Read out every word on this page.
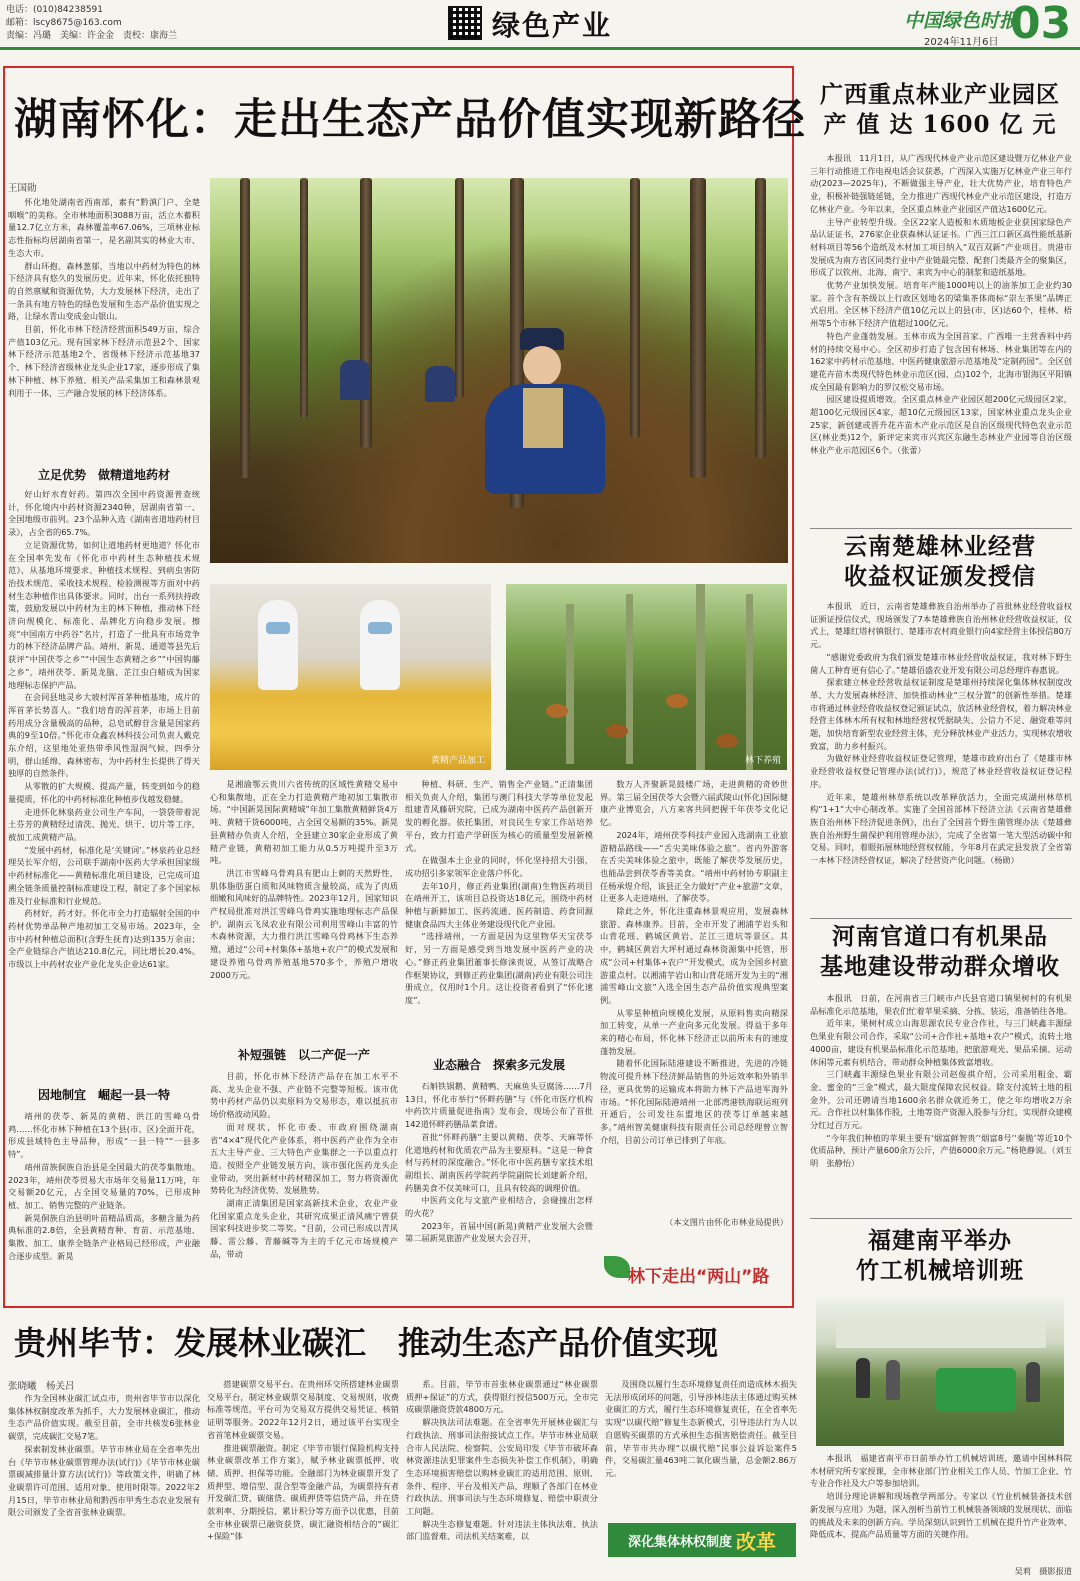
电话：(010)84238591
邮箱：lscy8675@163.com
责编：冯璐　美编：许金金　责校：康海兰	绿色产业	中国绿色时报
2024年11月6日 03
湖南怀化：走出生态产品价值实现新路径
王国勋

怀化地处湖南省西南部，素有“黔滇门户、全楚咽喉”的美称。全市林地面积3088万亩，活立木蓄积量12.7亿立方米，森林覆盖率67.06%，三项林业标志性指标均居湖南省第一，是名副其实的林业大市、生态大市。

群山环抱、森林葱郁，当地以中药材为特色的林下经济具有悠久的发展历史。近年来，怀化依托独特的自然禀赋和资源优势，大力发展林下经济，走出了一条具有地方特色的绿色发展和生态产品价值实现之路，让绿水青山变成金山银山。

目前，怀化市林下经济经营面积549万亩，综合产值103亿元。现有国家林下经济示范县2个、国家林下经济示范基地2个、省级林下经济示范基地37个、林下经济省级林业龙头企业17家，逐步形成了集林下种植、林下养殖、相关产品采集加工和森林景观利用于一体，三产融合发展的林下经济体系。

立足优势　做精道地药材

好山好水育好药。第四次全国中药资源普查统计，怀化境内中药材资源2340种，居湖南省第一、全国地级市前列。23个品种入选《湖南省道地药材目录》，占全省的65.7%。

立足资源优势，如何让道地药材更地道？怀化市在全国率先发布《怀化市中药材生态种植技术规范》，从基地环境要求、种植技术规程、到病虫害防治技术规范、采收技术规程、检验测视等方面对中药材生态种植作出具体要求。同时，出台一系列扶持政策，鼓励发展以中药材为主的林下种植，推动林下经济向规模化、标准化、品牌化方向稳步发展。擦亮“中国南方中药谷”名片，打造了一批具有市场竞争力的林下经济品牌产品。靖州、新晃、通道等县先后获评“中国茯苓之乡”“中国生态黄精之乡”“中国钩藤之乡”，靖州茯苓、新晃龙脑、芷江虫白蜡成为国家地理标志保护产品。

在会同县地灵乡大坡村浑首茅种植基地，成片的浑首茅长势喜人。“我们培育的浑首茅，市场上目前药用成分含量极高的品种，总皂甙醇苷含量是国家药典的9至10倍。”怀化市众鑫农林科技公司负责人戴克东介绍，这里地处亚热带季风性湿润气候，四季分明，群山延绵、森林密布，为中药材生长提供了得天独厚的自然条件。

从零散的扩大规模、提高产量，转变到如今的稳量提质，怀化的中药材标准化种植步伐越发稳健。

走进怀化林泉药业公司生产车间，一袋袋带着泥土芬芳的黄精经过清洗、抛光、烘干、切片等工序，被加工成黄精产品。

“发展中药材，标准化是‘关键词’。”林泉药业总经理吴长军介绍，公司联手湖南中医药大学承担国家级中药材标准化——黄精标准化项目建设，已完成可追溯全链条质量控制标准建设工程，制定了多个国家标准及行业标准和行业规范。

药材好，药才好。怀化市全力打造辐射全国的中药材优势单品种产地初加工交易市场。2023年，全市中药材种植总面积(含野生抚育)达到135万余亩；全产业链综合产值达210.8亿元，同比增长20.4%。市级以上中药材农业产业化龙头企业达61家。

因地制宜　崛起一县一特

靖州的茯苓、新晃的黄精、洪江的雪峰乌骨鸡……怀化市林下种植在13个县(市、区)全面开花，形成县域特色主导品种，形成“一县一特”“一县多特”。

靖州苗族侗族自治县是全国最大的茯苓集散地。2023年，靖州茯苓贸易大市场年交易量11万吨，年交易额20亿元，占全国交易量的70%，已形成种植、加工、销售完整的产业链条。

新晃侗族自治县明叶苗精品质高，多糖含量为药典标准的2.8倍，全县黄精育种、育苗、示范基地、集散、加工、康养全链条产业格局已经形成，产业融合逐步成型。新晃

黄精产品加工	林下养殖

是湘渝鄂云贵川六省传统的区域性黄精交易中心和集散地，正在全力打造黄精产地初加工集散市场。“中国新晃国际黄精城”年加工集散黄精鲜货4万吨、黄精干货6000吨，占全国交易额的35%。新晃县黄精办负责人介绍，全县建立30家企业形成了黄精产业链，黄精初加工能力从0.5万吨提升至3万吨。

洪江市雪峰乌骨鸡具有肥山上刺的天然野性，肌体脂肪蛋白质和风味物质含量较高，成为了肉质细嫩和风味好的品牌特性。2023年12月，国家知识产权局批准对洪江雪峰乌骨鸡实施地理标志产品保护。湖南云飞凤农业有限公司利用雪峰山丰富的竹木森林资源，大力推行洪江雪峰乌骨鸡林下生态养殖，通过“公司+村集体+基地+农户”的模式发展和建设养殖乌骨鸡养殖基地570多个，养殖户增收2000万元。

补短强链　以二产促一产

目前，怀化市林下经济产品存在加工水平不高、龙头企业不强、产业链不完整等短板。该市优势中药材产品仍以卖原料为交易形态，难以抵抗市场价格波动风险。

面对现状，怀化市委、市政府围绕湖南省“4×4”现代化产业体系，将中医药产业作为全市五大主导产业、三大特色产业集群之一予以重点打造。按照全产业链发展方向，该市强化医药龙头企业带动，突出新材中药材精深加工，努力将资源优势转化为经济优势、发展胜势。

湖南正清集团是国家高新技术企业，农业产业化国家重点龙头企业，其研究成果正清风痛宁曾获国家科技进步奖二等奖。“目前，公司已形成以青风藤、雷公藤、青藤碱等为主的千亿元市场规模产品，带动

种植、科研、生产、销售全产业链。”正清集团相关负责人介绍，集团与澳门科技大学等单位发起组建青风藤研究院，已成为湖南中医药产品创新开发的孵化器。依托集团，对良民生专家工作站培养平台，致力打造产学研医为核心的质量型发展新模式。

在做强本土企业的同时，怀化坚持招大引强，成功招引多家领军企业落户怀化。

去年10月，修正药业集团(湖南)生物医药项目在靖州开工，该项目总投资达18亿元，围绕中药材种植与新鲜加工、医药流通、医药制造、药食同源健康食品四大主体业务建设现代化产业园。

“选择靖州，一方面是因为这里物华天宝茯苓好，另一方面是感受到当地发展中医药产业的决心。”修正药业集团董事长修涞贵说，从签订战略合作框架协议，到修正药业集团(湖南)药业有限公司注册成立，仅用时1个月。这让投资者看到了“怀化速度”。

业态融合　探索多元发展

石斛铁锅鹅、黄精鸭、天麻鱼头豆腐汤……7月13日，怀化市举行“怀畔药膳”与《怀化市医疗机构中药饮片质量促进指南》发布会，现场公布了首批142道怀畔药膳品菜食谱。

首批“怀畔药膳”主要以黄精、茯苓、天麻等怀化道地药材和优质农产品为主要原料。“这是一种食材与药材的深度融合。”怀化市中医药膳专家技术组副组长、湖南医药学院药学院副院长刘建新介绍，药膳美食不仅美味可口，且具有较高的调理价值。

中医药文化与文旅产业相结合，会碰撞出怎样的火花？

2023年，首届中国(新晃)黄精产业发展大会暨第二届新晃旅游产业发展大会召开，

数万人齐聚新晃鼓楼广场，走进黄精的奇妙世界。第三届全国茯苓大会暨六届武陵山(怀化)国际健康产业博览会，八方来客共同把握千年茯苓文化记忆。

2024年，靖州茯苓科技产业园入选湖南工业旅游精品路线——“舌尖美味体验之旅”。省内外游客在舌尖美味体验之旅中，既能了解茯苓发展历史，也能品尝到茯苓香等美食。“靖州中药材协专职副主任杨承煜介绍，该县正全力做好“产业+旅游”文章，让更多人走进靖州、了解茯苓。

除此之外，怀化注重森林景观应用，发展森林旅游、森林康养。目前，全市开发了湘浦芋岩头和山背花瑶、鹤城区黄岩、芷江三道坑等景区。其中，鹤城区黄岩大坪村通过森林资源集中托管，形成“公司+村集体+农户”开发模式，成为全国乡村旅游重点村。以湘浦芋岩山和山背花瑶开发为主的“湘浦雪峰山文旅”入选全国生态产品价值实现典型案例。

从零星种植向规模化发展，从原料售卖向精深加工转变，从单一产业向多元化发展。得益于多年来的精心布局，怀化林下经济正以前所未有的速度蓬勃发展。

随着怀化国际陆港建设不断推进，先进的冷链物流可提升林下经济鲜品销售的外运效率和外销半径，更具优势的运输成本将助力林下产品进军海外市场。“怀化国际陆港靖州一北部湾港铁海联运班列开通后，公司发往东盟地区的茯苓订单越来越多。”靖州智美健康科技有限责任公司总经理曾立智介绍，目前公司订单已排到了年底。

（本文图片由怀化市林业局提供）
林下走出“两山”路
广西重点林业产业园区
产 值 达 1600 亿 元

本报讯　11月1日，从广西现代林业产业示范区建设暨万亿林业产业三年行动推进工作电视电话会议获悉，广西深入实施万亿林业产业三年行动(2023—2025年)，不断做强主导产业，壮大优势产业，培育特色产业，积极补链强链延链，全力推进广西现代林业产业示范区建设，打造万亿林业产业。今年以来，全区重点林业产业园区产值达1600亿元。

主导产业转型升级。全区22家人造板和木质地板企业获国家绿色产品认证证书，276家企业获森林认证证书。广西三江口新区高性能纸基新材料项目等56个造纸及木材加工项目纳入“双百双新”产业项目。贵港市发展成为南方省区同类行业中产业链最完整、配套门类最齐全的聚集区，形成了以钦州、北海、南宁、来宾为中心的制浆和造纸基地。

优势产业加快发展。培育年产能1000吨以上的油茶加工企业约30家。首个含有茶级以上行政区划地名的梁集茶体商标“崇左茶果”品牌正式启用。全区林下经济产值10亿元以上的县(市、区)达60个，桂林、梧州等5个市林下经济产值超过100亿元。

特色产业蓬勃发展。玉林市成为全国首家、广西唯一主营香料中药材的持续交易中心。全区初步打造了包含国有林场、林业集团等在内的162家中药材示范基地、中医药健康旅游示范基地及“定制药园”。全区创建花卉苗木类现代特色林业示范区(园、点)102个，北海市银海区平阳镇成全国最有影响力的罗汉松交易市场。

园区建设提质增效。全区重点林业产业园区超200亿元级园区2家，超100亿元级园区4家，超10亿元级园区13家，国家林业重点龙头企业25家，新创建或晋升花卉苗木产业示范区是自治区级现代特色农业示范区(林业类)12个，新评定来宾市兴宾区东融生态林业产业园等自治区级林业产业示范园区6个。（张蕾）

云南楚雄林业经营
收益权证颁发授信

本报讯　近日，云南省楚雄彝族自治州举办了首批林业经营收益权证颁证授信仪式，现场颁发了7本楚雄彝族自治州林业经营收益权证，仪式上，楚雄红塔村镇银行、楚雄市农村商业银行向4家经营主体授信80万元。

“感谢党委政府为我们颁发楚雄市林业经营收益权证，我对林下野生菌人工种育更有信心了。”楚雄佰盛农业开发有限公司总经理许春惠说。

探索建立林业经营收益权证制度是楚雄州持续深化集体林权制度改革、大力发展森林经济、加快推动林业“三权分置”的创新性举措。楚雄市将通过林业经营收益权登记颁证试点，放活林业经营权，着力解决林业经营主体林木所有权和林地经营权凭据缺失、公信力不足、融资难等问题，加快培育新型农业经营主体，充分释放林业产业活力，实现林农增收致富，助力乡村振兴。

为做好林业经营收益权证登记管理，楚雄市政府出台了《楚雄市林业经营收益权登记管理办法(试行)》，规范了林业经营收益权证登记程序。

近年来，楚雄州林草系统以改革释放活力，全面完成湖州林草机构“1+1”大中心制改革。实施了全国首部林下经济立法《云南省楚雄彝族自治州林下经济促进条例》，出台了全国首个野生菌管理办法《楚雄彝族自治州野生菌保护利用管理办法》，完成了全省第一笔大型活动碳中和交易。同时，着眼拓展林地经营权权能，今年8月在武定县发放了全省第一本林下经济经营权证，解决了经营资产化问题。（杨勋）

河南官道口有机果品
基地建设带动群众增收

本报讯　日前，在河南省三门峡市卢氏县官道口镇果树村的有机果品标准化示范基地，果农们忙着苹果采摘、分拣、装运，准备销往各地。

近年来，果树村成立山海思源农民专业合作社，与三门峡鑫丰源绿色果业有限公司合作，采取“公司+合作社+基地+农户”模式，流转土地4000亩，建设有机果品标准化示范基地，把旅游观光、果品采摘、运动休闲等元素有机结合，带动群众种植集体致富增收。

三门峡鑫丰源绿色果业有限公司赵俊祺介绍，公司采用粗金、霸金、蜜金的“三金”模式，最大限度保障农民权益。除支付流转土地的租金外，公司还聘请当地1600余名群众就近务工，使之年均增收2万余元。合作社以村集体作股，土地等资产资源入股参与分红，实现群众建模分红过百万元。

“今年我们种植的苹果主要有‘烟富鲜智贵’‘烟富8号’‘秦脆’等近10个优质品种，预计产量600余万公斤，产值6000余万元。”杨艳静说。（刘玉明　张静怡）

福建南平举办
竹工机械培训班

本报讯　福建省南平市日前举办竹工机械培训班，邀请中国林科院木材研究所专家授课，全市林业部门竹业相关工作人员、竹加工企业、竹专业合作社及大户等参加培训。

培训分理论讲解和现场教学两部分。专家以《竹业机械装备技术创新发展与应用》为题，深入剖析当前竹工机械装备领域的发展现状、面临的挑战及未来的创新方向。学员深刻认识到竹工机械在提升竹产业效率、降低成本、提高产品质量等方面的关键作用。

吴莉　摄影报道
贵州毕节：发展林业碳汇　推动生态产品价值实现
张晓曦　杨关吕

作为全国林业碳汇试点市，贵州省毕节市以深化集体林权制度改革为抓手，大力发展林业碳汇，推动生态产品价值实现。截至目前，全市共核发6张林业碳票，完成碳汇交易7笔。

探索制发林业碳票。毕节市林业局在全省率先出台《毕节市林业碳票管理办法(试行)》《毕节市林业碳票碳减排量计算方法(试行)》等政策文件，明确了林业碳票许可范围、适用对象、使用时限等。2022年2月15日，毕节市林业局和黔西市甲秀生态农业发展有限公司颁发了全省首张林业碳票。

搭建碳票交易平台。在贵州环交所搭建林业碳票交易平台，制定林业碳票交易制度、交易规则，收费标准等规范，平台可为交易双方提供交易凭证、核销证明等服务。2022年12月2日，通过该平台实现全省首笔林业碳票交易。

推进碳票融资。制定《毕节市银行保险机构支持林业碳票改革工作方案》，赋予林业碳票抵押、收储、质押、担保等功能。全融部门为林业碳票开发了质押型、增信型、混合型等金融产品，为碳票持有者开发碳汇贷、碳储贷、碳质押贷等信贷产品，并在贷款利率、分期授信、累计积分等方面予以优惠，目前全市林业碳票已融资获贷，碳汇融资相结合的“碳汇+保险”体

系。目前，毕节市首张林业碳票通过“林业碳票质押+保证”的方式，获得银行授信500万元，全市完成碳票融资贷款4800万元。

解决执法司法难题。在全省率先开展林业碳汇与行政执法、刑事司法衔接试点工作。毕节市林业局联合市人民法院、检察院、公安局印发《毕节市破坏森林资源违法犯罪案件生态损失补偿工作机制》，明确生态环境损害赔偿以购林业碳汇的适用范围、原则、条件、程序、平台及相关产品，理顺了各部门在林业行政执法、刑事司法与生态环境修复、赔偿中职责分工问题。

解决生态修复难题。针对违法主体执法难、执法部门监督难、司法机关结案难，以

及围绕以履行生态环境修复责任而造成林木损失无法形成闭环的问题，引导涉林违法主体通过购买林业碳汇的方式，履行生态环境修复责任，在全省率先实现“以碳代赔”修复生态新模式，引导违法行为人以自愿购买碳票的方式承担生态损害赔偿责任。截至目前，毕节市共办理“以碳代赔”民事公益诉讼案件5件，交易碳汇量463吨二氧化碳当量，总金额2.86万元。

深化集体林权制度 改革
